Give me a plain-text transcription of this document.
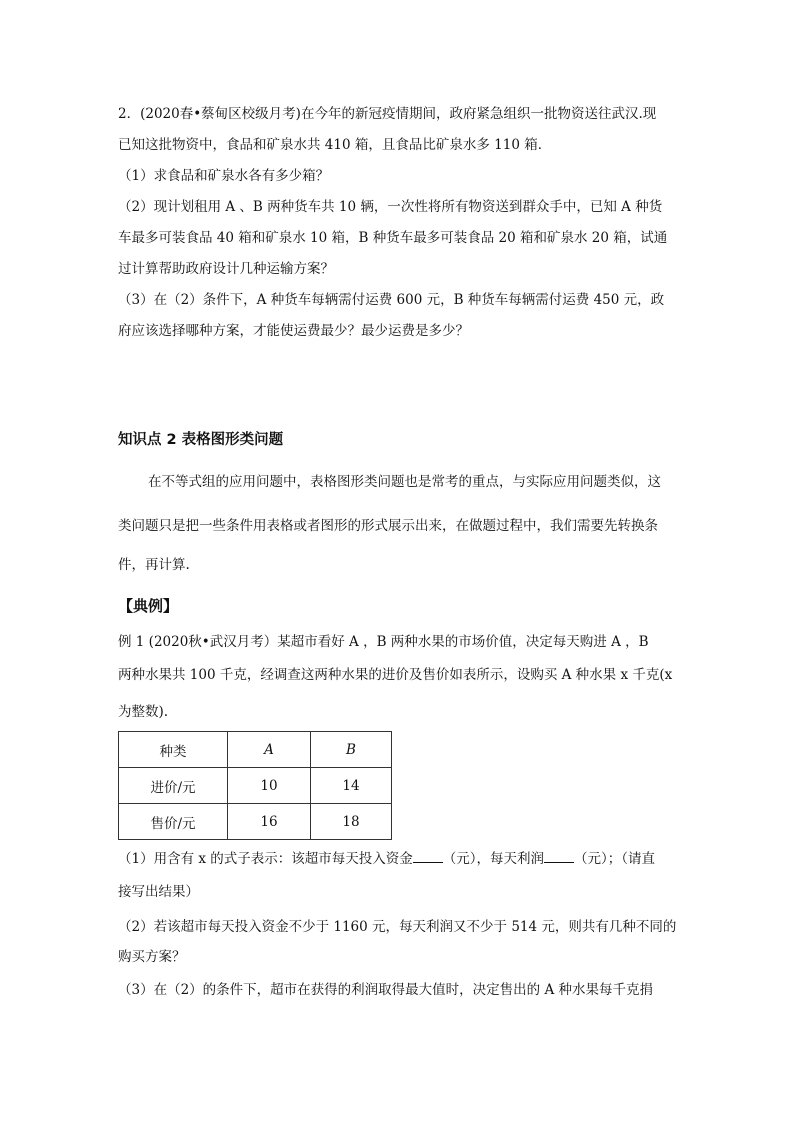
2．(2020春•蔡甸区校级月考)在今年的新冠疫情期间，政府紧急组织一批物资送往武汉.现
已知这批物资中，食品和矿泉水共 410 箱，且食品比矿泉水多 110 箱．
（1）求食品和矿泉水各有多少箱？
（2）现计划租用 A 、B 两种货车共 10 辆，一次性将所有物资送到群众手中，已知 A 种货
车最多可装食品 40 箱和矿泉水 10 箱，B 种货车最多可装食品 20 箱和矿泉水 20 箱，试通
过计算帮助政府设计几种运输方案？
（3）在（2）条件下，A 种货车每辆需付运费 600 元，B 种货车每辆需付运费 450 元，政
府应该选择哪种方案，才能使运费最少？最少运费是多少？
知识点 2 表格图形类问题
在不等式组的应用问题中，表格图形类问题也是常考的重点，与实际应用问题类似，这
类问题只是把一些条件用表格或者图形的形式展示出来，在做题过程中，我们需要先转换条
件，再计算.
【典例】
例 1 (2020秋•武汉月考）某超市看好 A ，B 两种水果的市场价值，决定每天购进 A ，B
两种水果共 100 千克，经调查这两种水果的进价及售价如表所示，设购买 A 种水果 x 千克(x
为整数).
种类	A	B
进价/元	10	14
售价/元	16	18
（1）用含有 x 的式子表示：该超市每天投入资金 （元），每天利润 （元）；（请直
接写出结果）
（2）若该超市每天投入资金不少于 1160 元，每天利润又不少于 514 元，则共有几种不同的
购买方案？
（3）在（2）的条件下，超市在获得的利润取得最大值时，决定售出的 A 种水果每千克捐
